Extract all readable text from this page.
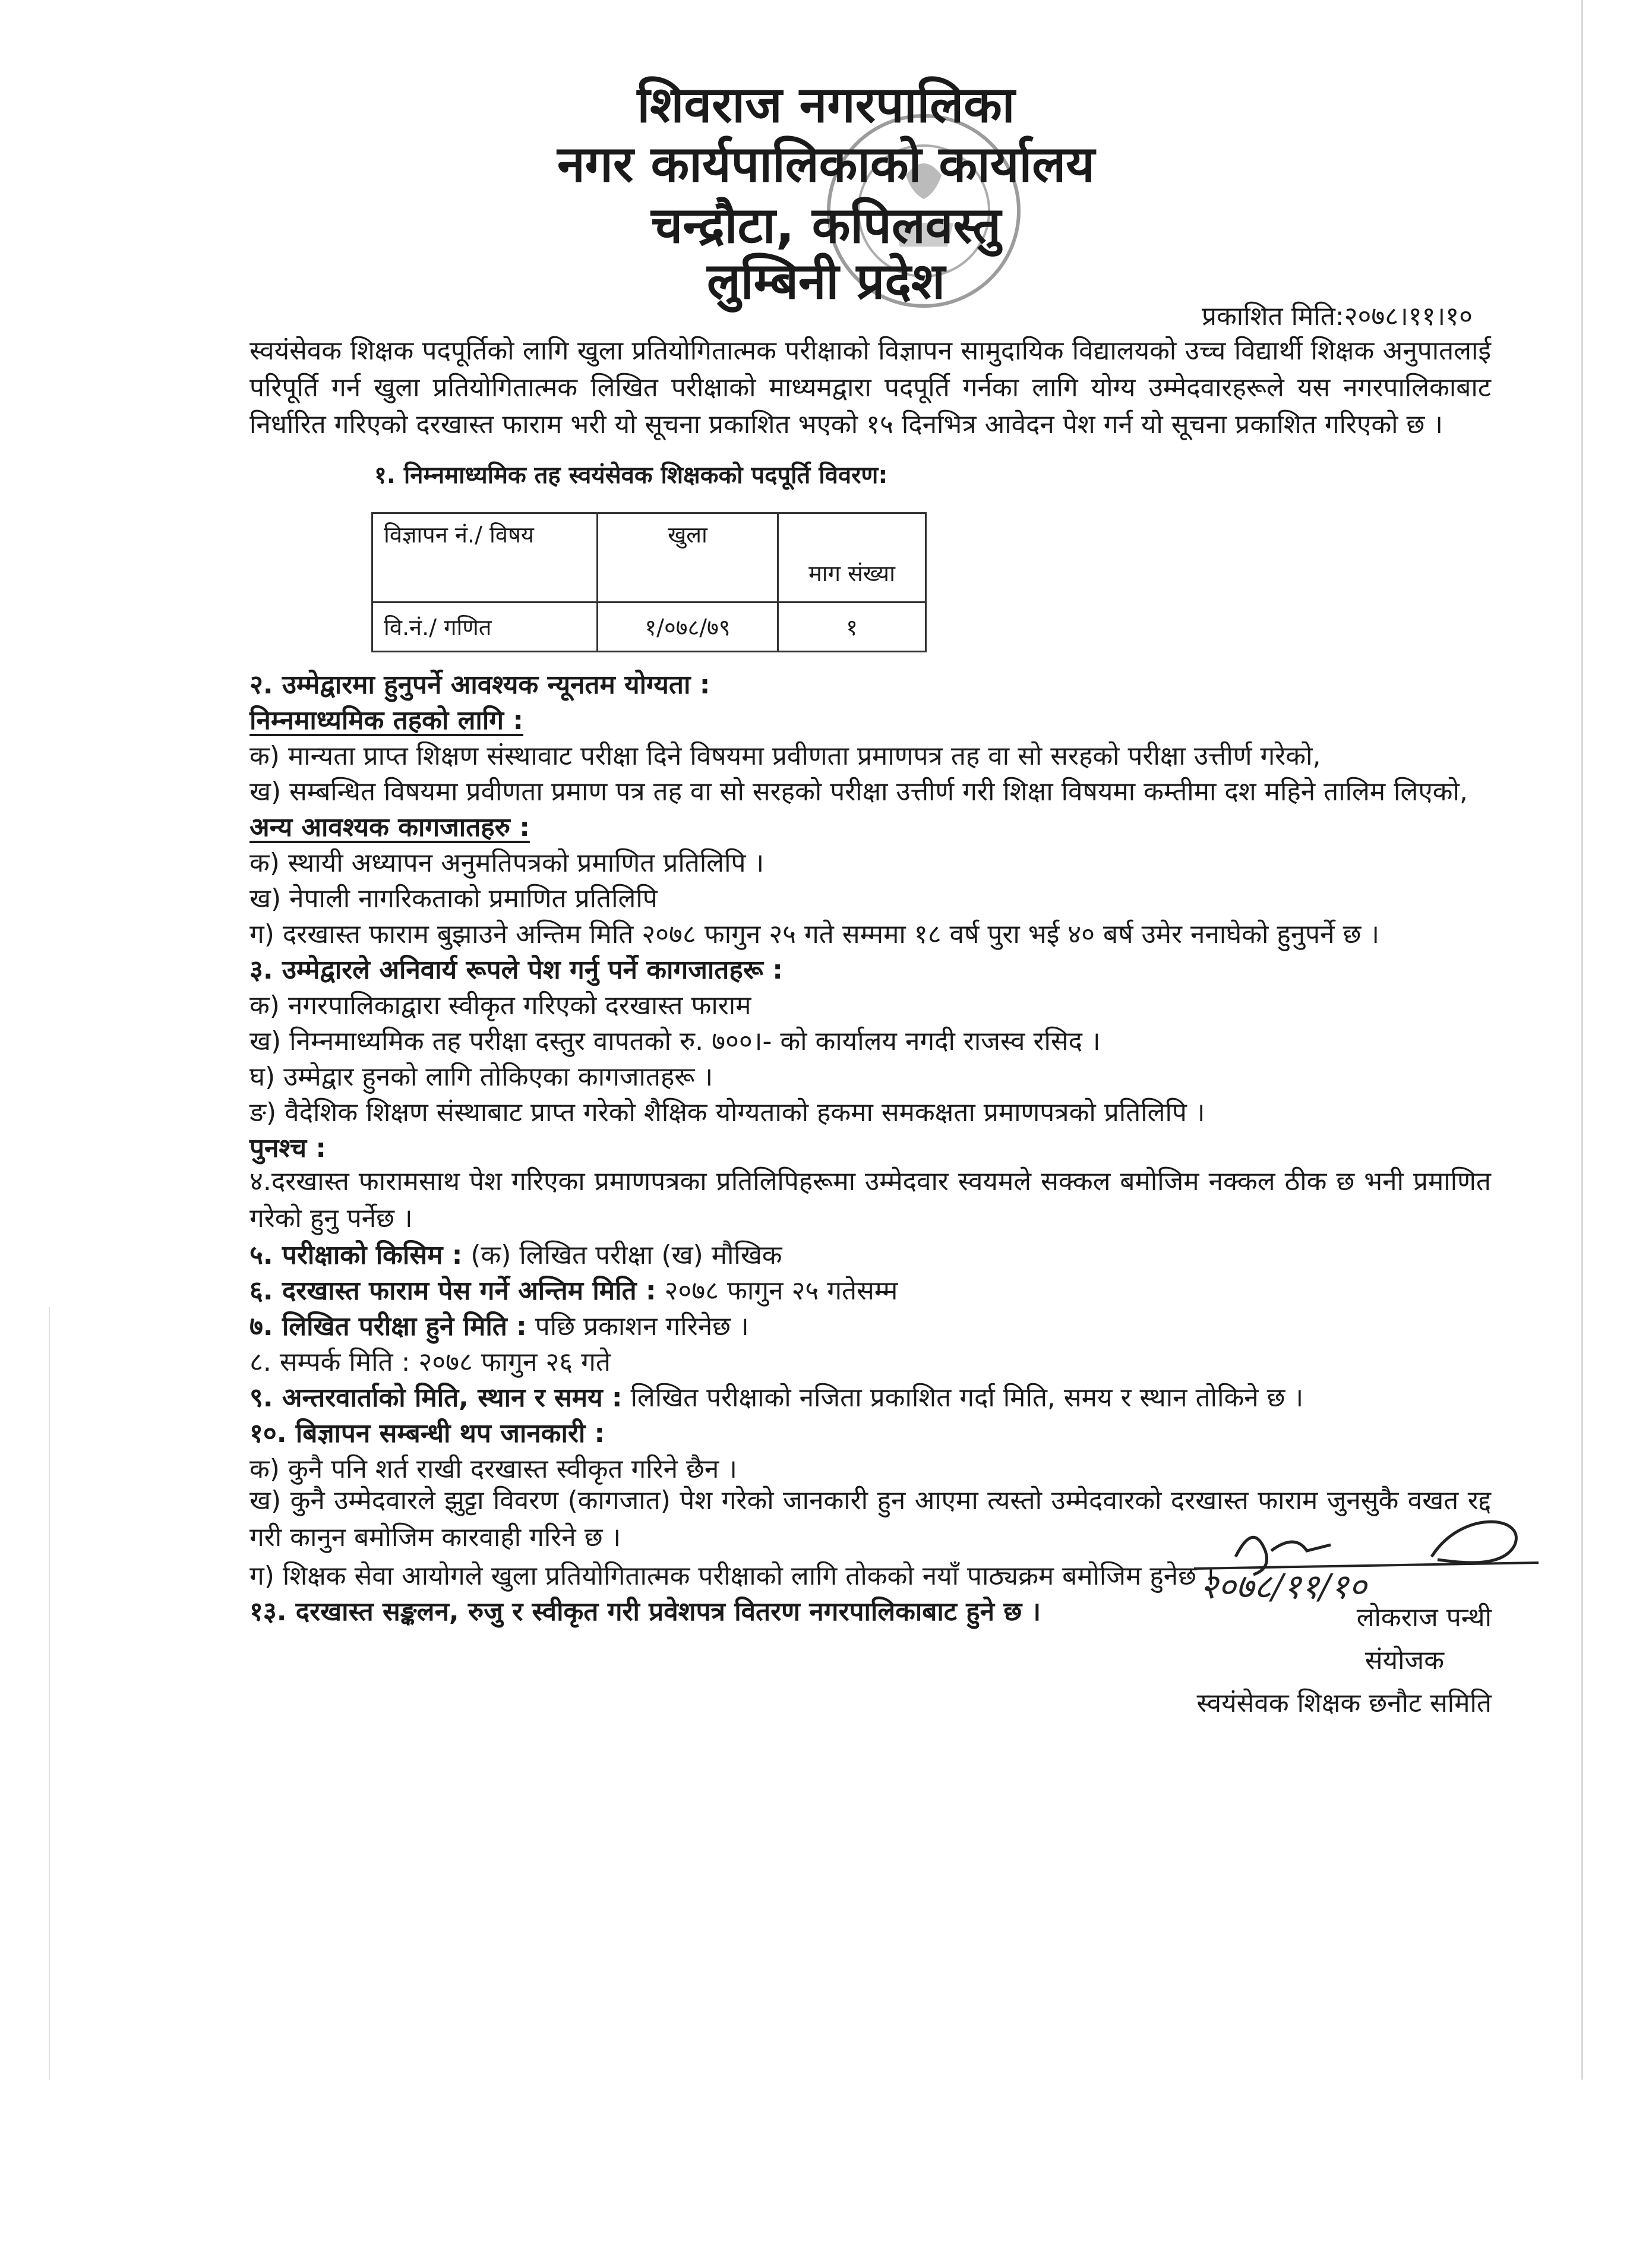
शिवराज नगरपालिका
नगर कार्यपालिकाको कार्यालय
चन्द्रौटा, कपिलवस्तु
लुम्बिनी प्रदेश
प्रकाशित मिति:२०७८।११।१०
स्वयंसेवक शिक्षक पदपूर्तिको लागि खुला प्रतियोगितात्मक परीक्षाको विज्ञापन सामुदायिक विद्यालयको उच्च विद्यार्थी शिक्षक अनुपातलाई परिपूर्ति गर्न खुला प्रतियोगितात्मक लिखित परीक्षाको माध्यमद्वारा पदपूर्ति गर्नका लागि योग्य उम्मेदवारहरूले यस नगरपालिकाबाट निर्धारित गरिएको दरखास्त फाराम भरी यो सूचना प्रकाशित भएको १५ दिनभित्र आवेदन पेश गर्न यो सूचना प्रकाशित गरिएको छ ।
१. निम्नमाध्यमिक तह स्वयंसेवक शिक्षकको पदपूर्ति विवरण:
विज्ञापन नं./ विषय	खुला	माग संख्या
वि.नं./ गणित	१/०७८/७९	१
२. उम्मेद्वारमा हुनुपर्ने आवश्यक न्यूनतम योग्यता :
निम्नमाध्यमिक तहको लागि :
क) मान्यता प्राप्त शिक्षण संस्थावाट परीक्षा दिने विषयमा प्रवीणता प्रमाणपत्र तह वा सो सरहको परीक्षा उत्तीर्ण गरेको,
ख) सम्बन्धित विषयमा प्रवीणता प्रमाण पत्र तह वा सो सरहको परीक्षा उत्तीर्ण गरी शिक्षा विषयमा कम्तीमा दश महिने तालिम लिएको,
अन्य आवश्यक कागजातहरु :
क) स्थायी अध्यापन अनुमतिपत्रको प्रमाणित प्रतिलिपि ।
ख) नेपाली नागरिकताको प्रमाणित प्रतिलिपि
ग) दरखास्त फाराम बुझाउने अन्तिम मिति २०७८ फागुन २५ गते सम्ममा १८ वर्ष पुरा भई ४० बर्ष उमेर ननाघेको हुनुपर्ने छ ।
३. उम्मेद्वारले अनिवार्य रूपले पेश गर्नु पर्ने कागजातहरू :
क) नगरपालिकाद्वारा स्वीकृत गरिएको दरखास्त फाराम
ख) निम्नमाध्यमिक तह परीक्षा दस्तुर वापतको रु. ७००।- को कार्यालय नगदी राजस्व रसिद ।
घ) उम्मेद्वार हुनको लागि तोकिएका कागजातहरू ।
ङ) वैदेशिक शिक्षण संस्थाबाट प्राप्त गरेको शैक्षिक योग्यताको हकमा समकक्षता प्रमाणपत्रको प्रतिलिपि ।
पुनश्च :
४.दरखास्त फारामसाथ पेश गरिएका प्रमाणपत्रका प्रतिलिपिहरूमा उम्मेदवार स्वयमले सक्कल बमोजिम नक्कल ठीक छ भनी प्रमाणित गरेको हुनु पर्नेछ ।
५. परीक्षाको किसिम : (क) लिखित परीक्षा (ख) मौखिक
६. दरखास्त फाराम पेस गर्ने अन्तिम मिति : २०७८ फागुन २५ गतेसम्म
७. लिखित परीक्षा हुने मिति : पछि प्रकाशन गरिनेछ ।
८. सम्पर्क मिति : २०७८ फागुन २६ गते
९. अन्तरवार्ताको मिति, स्थान र समय : लिखित परीक्षाको नजिता प्रकाशित गर्दा मिति, समय र स्थान तोकिने छ ।
१०. बिज्ञापन सम्बन्धी थप जानकारी :
क) कुनै पनि शर्त राखी दरखास्त स्वीकृत गरिने छैन ।
ख) कुनै उम्मेदवारले झुट्टा विवरण (कागजात) पेश गरेको जानकारी हुन आएमा त्यस्तो उम्मेदवारको दरखास्त फाराम जुनसुकै वखत रद्द गरी कानुन बमोजिम कारवाही गरिने छ ।
ग) शिक्षक सेवा आयोगले खुला प्रतियोगितात्मक परीक्षाको लागि तोकको नयाँ पाठ्यक्रम बमोजिम हुनेछ ।
१३. दरखास्त सङ्कलन, रुजु र स्वीकृत गरी प्रवेशपत्र वितरण नगरपालिकाबाट हुने छ ।
२०७८/११/१०
लोकराज पन्थी
संयोजक
स्वयंसेवक शिक्षक छनौट समिति
